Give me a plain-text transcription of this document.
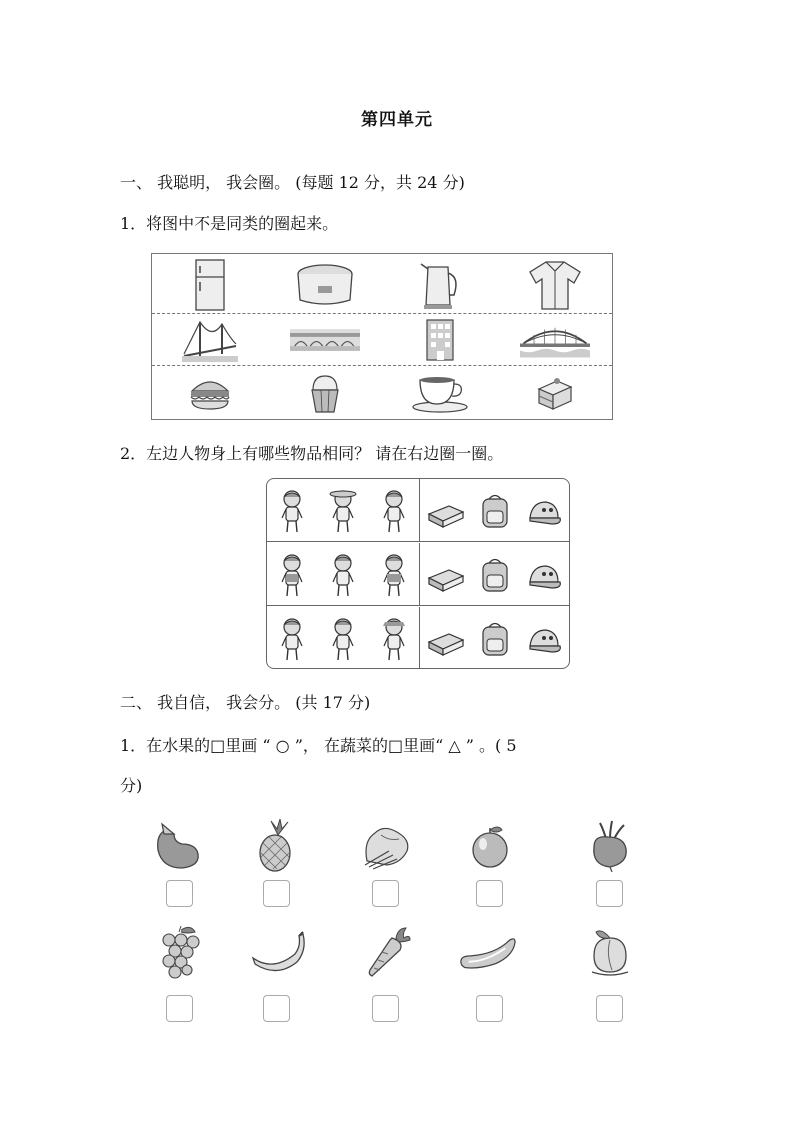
第四单元
一、 我聪明， 我会圈。 (每题 12 分，共 24 分)
1．将图中不是同类的圈起来。
2．左边人物身上有哪些物品相同？ 请在右边圈一圈。
二、 我自信， 我会分。 (共 17 分)
1．在水果的□里画 “ ○ ”， 在蔬菜的□里画“ △ ” 。( 5
分)
